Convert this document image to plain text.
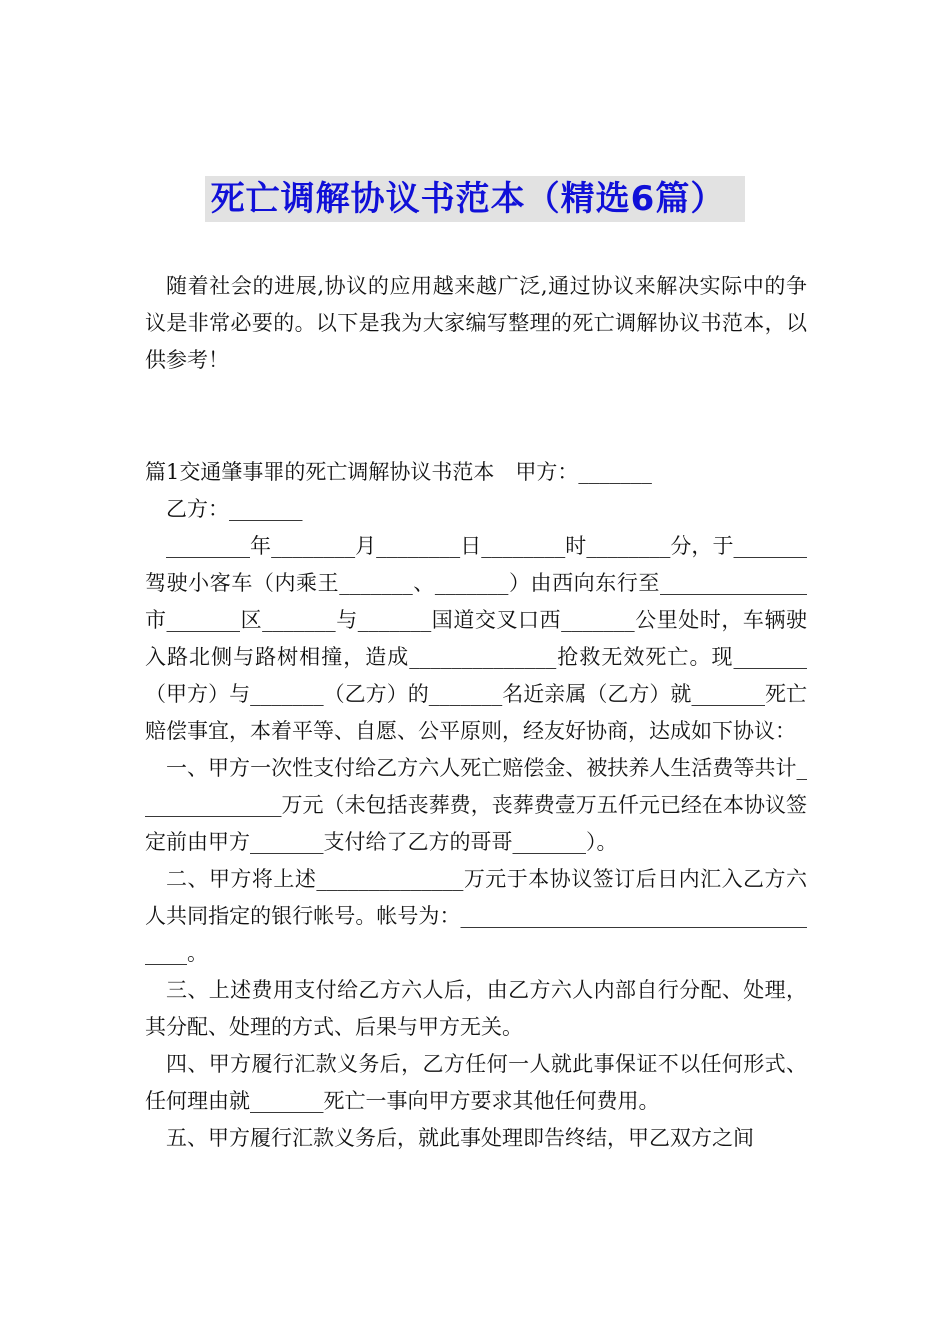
死亡调解协议书范本（精选6篇）

随着社会的进展,协议的应用越来越广泛,通过协议来解决实际中的争议是非常必要的。以下是我为大家编写整理的死亡调解协议书范本，以供参考！

篇1交通肇事罪的死亡调解协议书范本　甲方：_______

乙方：_______

________年________月________日________时________分，于_______驾驶小客车（内乘王_______、_______）由西向东行至______________市_______区_______与_______国道交叉口西_______公里处时，车辆驶入路北侧与路树相撞，造成______________抢救无效死亡。现_______（甲方）与_______（乙方）的_______名近亲属（乙方）就_______死亡赔偿事宜，本着平等、自愿、公平原则，经友好协商，达成如下协议：

一、甲方一次性支付给乙方六人死亡赔偿金、被扶养人生活费等共计______________万元（未包括丧葬费，丧葬费壹万五仟元已经在本协议签定前由甲方_______支付给了乙方的哥哥_______）。

二、甲方将上述______________万元于本协议签订后日内汇入乙方六人共同指定的银行帐号。帐号为：_____________________________________。

三、上述费用支付给乙方六人后，由乙方六人内部自行分配、处理，其分配、处理的方式、后果与甲方无关。

四、甲方履行汇款义务后，乙方任何一人就此事保证不以任何形式、任何理由就_______死亡一事向甲方要求其他任何费用。

五、甲方履行汇款义务后，就此事处理即告终结，甲乙双方之间
